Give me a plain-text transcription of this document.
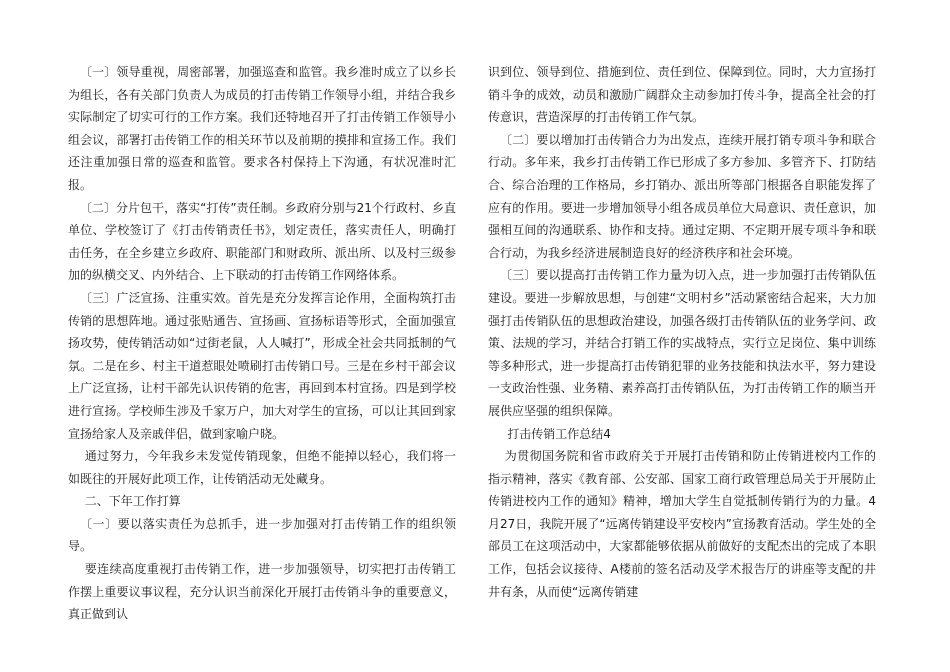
〔一〕领导重视，周密部署，加强巡查和监管。我乡准时成立了以乡长为组长，各有关部门负责人为成员的打击传销工作领导小组，并结合我乡实际制定了切实可行的工作方案。我们还特地召开了打击传销工作领导小组会议，部署打击传销工作的相关环节以及前期的摸排和宣扬工作。我们还注重加强日常的巡查和监管。要求各村保持上下沟通，有状况准时汇报。

〔二〕分片包干，落实“打传”责任制。乡政府分别与21个行政村、乡直单位、学校签订了《打击传销责任书》，划定责任，落实责任人，明确打击任务，在全乡建立乡政府、职能部门和财政所、派出所、以及村三级参加的纵横交叉、内外结合、上下联动的打击传销工作网络体系。

〔三〕广泛宣扬、注重实效。首先是充分发挥言论作用，全面构筑打击传销的思想阵地。通过张贴通告、宣扬画、宣扬标语等形式，全面加强宣扬攻势，使传销活动如“过街老鼠，人人喊打”，形成全社会共同抵制的气氛。二是在乡、村主干道惹眼处喷刷打击传销口号。三是在乡村干部会议上广泛宣扬，让村干部先认识传销的危害，再回到本村宣扬。四是到学校进行宣扬。学校师生涉及千家万户，加大对学生的宣扬，可以让其回到家宣扬给家人及亲戚伴侣，做到家喻户晓。

通过努力，今年我乡未发觉传销现象，但绝不能掉以轻心，我们将一如既往的开展好此项工作，让传销活动无处藏身。

二、下年工作打算

〔一〕要以落实责任为总抓手，进一步加强对打击传销工作的组织领导。

要连续高度重视打击传销工作，进一步加强领导，切实把打击传销工作摆上重要议事议程，充分认识当前深化开展打击传销斗争的重要意义，真正做到认

识到位、领导到位、措施到位、责任到位、保障到位。同时，大力宣扬打销斗争的成效，动员和激励广阔群众主动参加打传斗争，提高全社会的打传意识，营造深厚的打击传销工作气氛。

〔二〕要以增加打击传销合力为出发点，连续开展打销专项斗争和联合行动。多年来，我乡打击传销工作已形成了多方参加、多管齐下、打防结合、综合治理的工作格局，乡打销办、派出所等部门根据各自职能发挥了应有的作用。要进一步增加领导小组各成员单位大局意识、责任意识，加强相互间的沟通联系、协作和支持。通过定期、不定期开展专项斗争和联合行动，为我乡经济进展制造良好的经济秩序和社会环境。

〔三〕要以提高打击传销工作力量为切入点，进一步加强打击传销队伍建设。要进一步解放思想，与创建“文明村乡”活动紧密结合起来，大力加强打击传销队伍的思想政治建设，加强各级打击传销队伍的业务学问、政策、法规的学习，并结合打销工作的实战特点，实行立足岗位、集中训练等多种形式，进一步提高打击传销犯罪的业务技能和执法水平，努力建设一支政治性强、业务精、素养高打击传销队伍，为打击传销工作的顺当开展供应坚强的组织保障。

打击传销工作总结4

为贯彻国务院和省市政府关于开展打击传销和防止传销进校内工作的指示精神，落实《教育部、公安部、国家工商行政管理总局关于开展防止传销进校内工作的通知》精神，增加大学生自觉抵制传销行为的力量。4月27日，我院开展了“远离传销建设平安校内”宣扬教育活动。学生处的全部员工在这项活动中，大家都能够依据从前做好的支配杰出的完成了本职工作，包括会议接待、A楼前的签名活动及学术报告厅的讲座等支配的井井有条，从而使“远离传销建
